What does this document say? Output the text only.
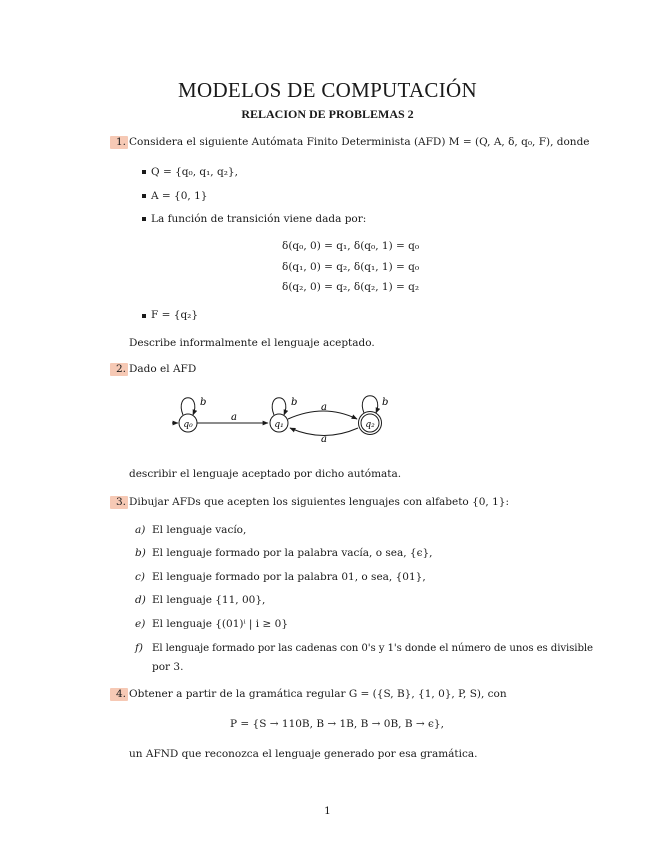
MODELOS DE COMPUTACIÓN
RELACION DE PROBLEMAS 2
1. Considera el siguiente Autómata Finito Determinista (AFD) M = (Q, A, δ, q₀, F), donde
Q = {q₀, q₁, q₂},
A = {0, 1}
La función de transición viene dada por:
δ(q₀, 0) = q₁, δ(q₀, 1) = q₀
δ(q₁, 0) = q₂, δ(q₁, 1) = q₀
δ(q₂, 0) = q₂, δ(q₂, 1) = q₂
F = {q₂}
Describe informalmente el lenguaje aceptado.
2. Dado el AFD
q₀	q₁	q₂
b	b	b
a
a
a
describir el lenguaje aceptado por dicho autómata.
3. Dibujar AFDs que acepten los siguientes lenguajes con alfabeto {0, 1}:
a) El lenguaje vacío,
b) El lenguaje formado por la palabra vacía, o sea, {ϵ},
c) El lenguaje formado por la palabra 01, o sea, {01},
d) El lenguaje {11, 00},
e) El lenguaje {(01)ⁱ | i ≥ 0}
f) El lenguaje formado por las cadenas con 0's y 1's donde el número de unos es divisible
por 3.
4. Obtener a partir de la gramática regular G = ({S, B}, {1, 0}, P, S), con
P = {S → 110B, B → 1B, B → 0B, B → ϵ},
un AFND que reconozca el lenguaje generado por esa gramática.
1
